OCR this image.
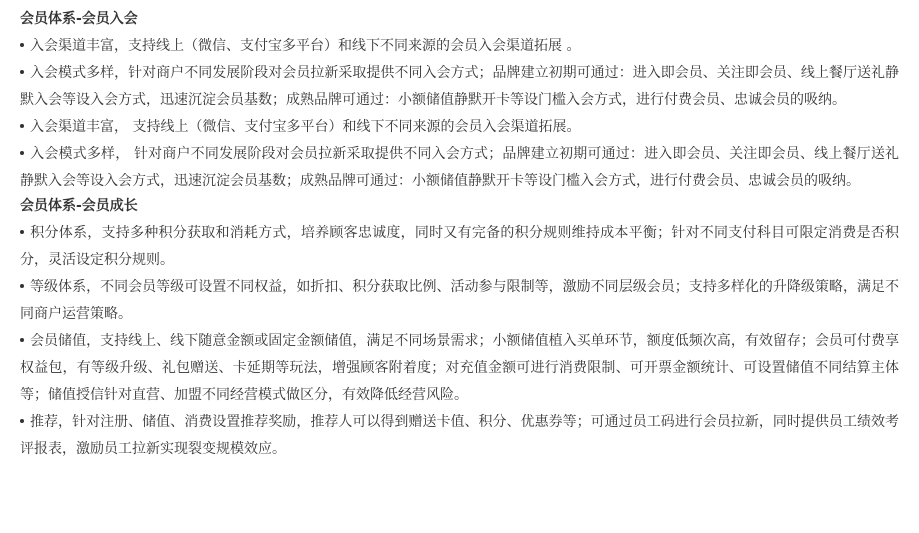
会员体系-会员入会

入会渠道丰富，支持线上（微信、支付宝多平台）和线下不同来源的会员入会渠道拓展 。

入会模式多样，针对商户不同发展阶段对会员拉新采取提供不同入会方式；品牌建立初期可通过：进入即会员、关注即会员、线上餐厅送礼静默入会等设入会方式，迅速沉淀会员基数；成熟品牌可通过：小额储值静默开卡等设门槛入会方式，进行付费会员、忠诚会员的吸纳。

入会渠道丰富， 支持线上（微信、支付宝多平台）和线下不同来源的会员入会渠道拓展。

入会模式多样， 针对商户不同发展阶段对会员拉新采取提供不同入会方式；品牌建立初期可通过：进入即会员、关注即会员、线上餐厅送礼静默入会等设入会方式，迅速沉淀会员基数；成熟品牌可通过：小额储值静默开卡等设门槛入会方式，进行付费会员、忠诚会员的吸纳。

会员体系-会员成长

积分体系，支持多种积分获取和消耗方式，培养顾客忠诚度，同时又有完备的积分规则维持成本平衡；针对不同支付科目可限定消费是否积分，灵活设定积分规则。

等级体系，不同会员等级可设置不同权益，如折扣、积分获取比例、活动参与限制等，激励不同层级会员；支持多样化的升降级策略，满足不同商户运营策略。

会员储值，支持线上、线下随意金额或固定金额储值，满足不同场景需求；小额储值植入买单环节，额度低频次高，有效留存；会员可付费享权益包，有等级升级、礼包赠送、卡延期等玩法，增强顾客附着度；对充值金额可进行消费限制、可开票金额统计、可设置储值不同结算主体等；储值授信针对直营、加盟不同经营模式做区分，有效降低经营风险。

推荐，针对注册、储值、消费设置推荐奖励，推荐人可以得到赠送卡值、积分、优惠券等；可通过员工码进行会员拉新，同时提供员工绩效考评报表，激励员工拉新实现裂变规模效应。
